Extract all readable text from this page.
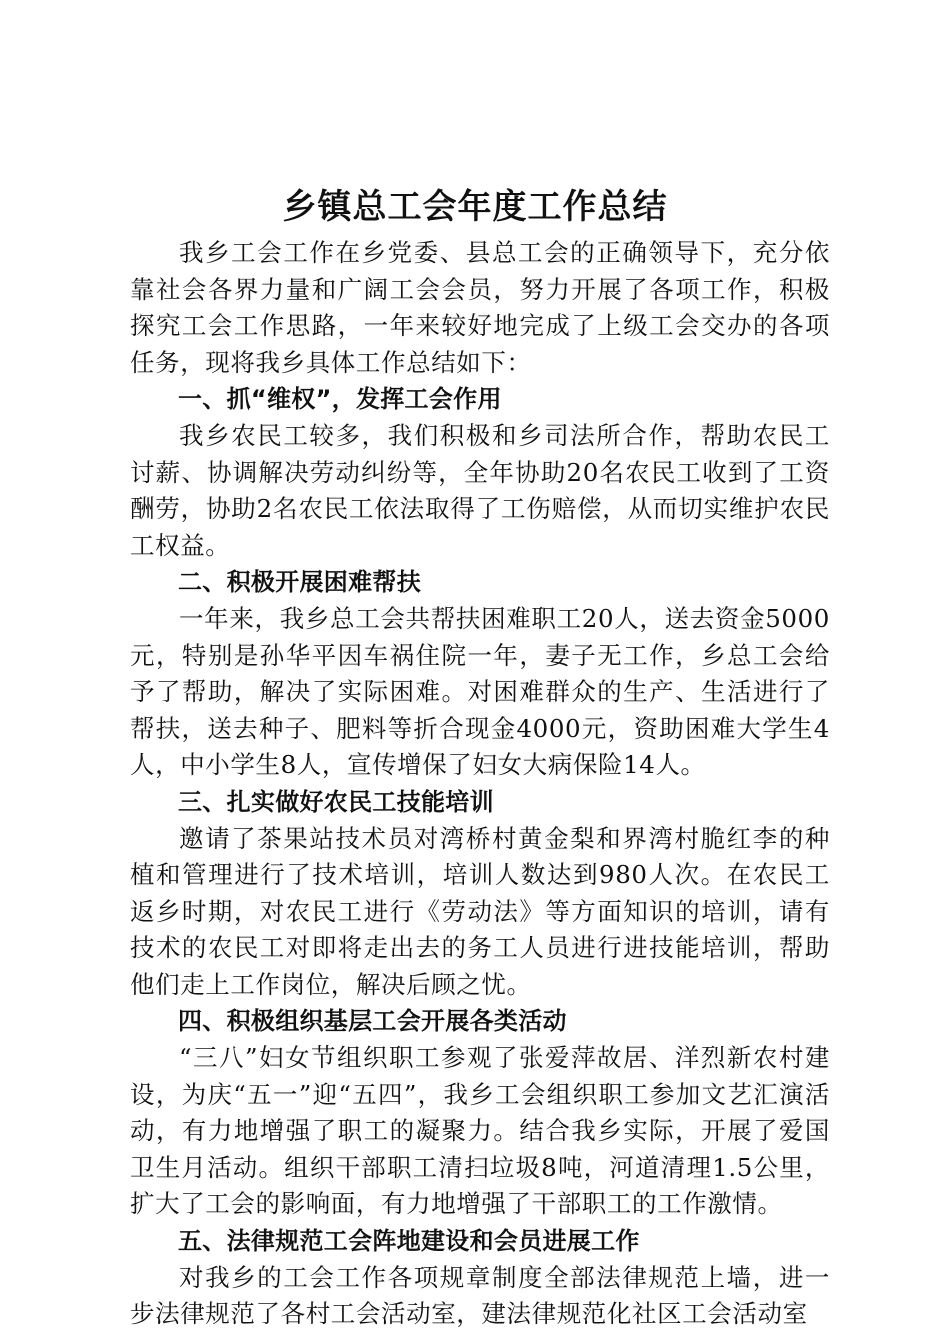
乡镇总工会年度工作总结

我乡工会工作在乡党委、县总工会的正确领导下，充分依靠社会各界力量和广阔工会会员，努力开展了各项工作，积极探究工会工作思路，一年来较好地完成了上级工会交办的各项任务，现将我乡具体工作总结如下：

一、抓“维权”，发挥工会作用

我乡农民工较多，我们积极和乡司法所合作，帮助农民工讨薪、协调解决劳动纠纷等，全年协助20名农民工收到了工资酬劳，协助2名农民工依法取得了工伤赔偿，从而切实维护农民工权益。

二、积极开展困难帮扶

一年来，我乡总工会共帮扶困难职工20人，送去资金5000元，特别是孙华平因车祸住院一年，妻子无工作，乡总工会给予了帮助，解决了实际困难。对困难群众的生产、生活进行了帮扶，送去种子、肥料等折合现金4000元，资助困难大学生4人，中小学生8人，宣传增保了妇女大病保险14人。

三、扎实做好农民工技能培训

邀请了茶果站技术员对湾桥村黄金梨和界湾村脆红李的种植和管理进行了技术培训，培训人数达到980人次。在农民工返乡时期，对农民工进行《劳动法》等方面知识的培训，请有技术的农民工对即将走出去的务工人员进行进技能培训，帮助他们走上工作岗位，解决后顾之忧。

四、积极组织基层工会开展各类活动

“三八”妇女节组织职工参观了张爱萍故居、洋烈新农村建设，为庆“五一”迎“五四”，我乡工会组织职工参加文艺汇演活动，有力地增强了职工的凝聚力。结合我乡实际，开展了爱国卫生月活动。组织干部职工清扫垃圾8吨，河道清理1.5公里，扩大了工会的影响面，有力地增强了干部职工的工作激情。

五、法律规范工会阵地建设和会员进展工作

对我乡的工会工作各项规章制度全部法律规范上墙，进一步法律规范了各村工会活动室，建法律规范化社区工会活动室
